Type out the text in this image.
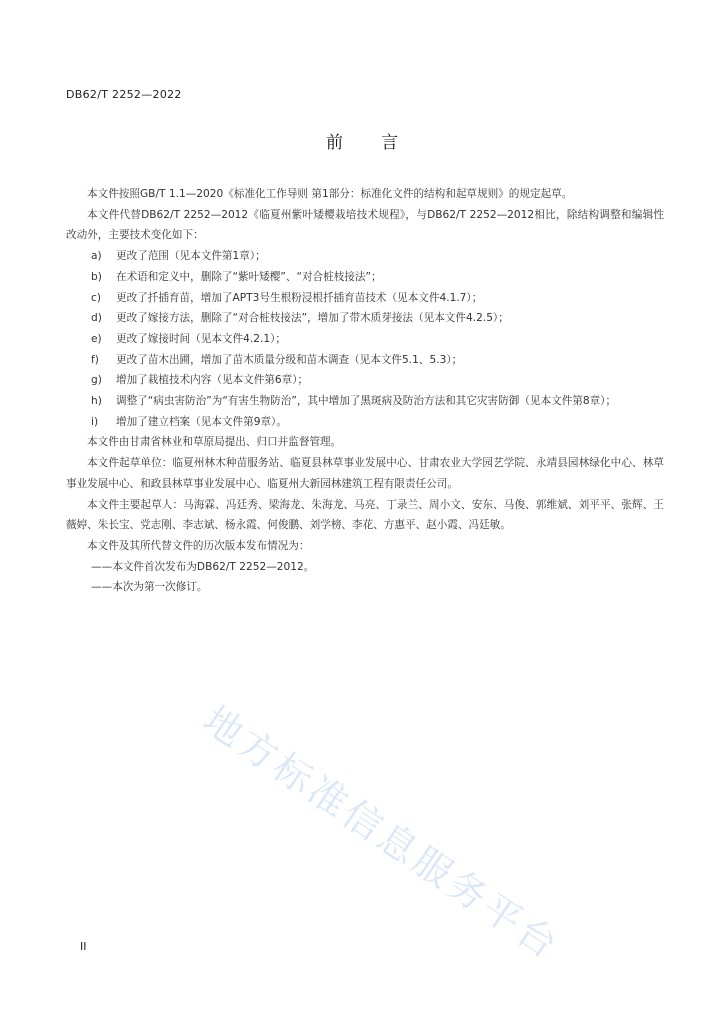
DB62/T 2252—2022
前言

本文件按照GB/T 1.1—2020《标准化工作导则 第1部分：标准化文件的结构和起草规则》的规定起草。

本文件代替DB62/T 2252—2012《临夏州紫叶矮樱栽培技术规程》，与DB62/T 2252—2012相比，除结构调整和编辑性改动外，主要技术变化如下：

a)	更改了范围（见本文件第1章）；
b)	在术语和定义中，删除了“紫叶矮樱”、“对合桩枝接法”；
c)	更改了扦插育苗，增加了APT3号生根粉浸根扦插育苗技术（见本文件4.1.7）；
d)	更改了嫁接方法，删除了“对合桩枝接法”，增加了带木质芽接法（见本文件4.2.5）；
e)	更改了嫁接时间（见本文件4.2.1）；
f)	更改了苗木出圃，增加了苗木质量分级和苗木调查（见本文件5.1、5.3）；
g)	增加了栽植技术内容（见本文件第6章）；
h)	调整了“病虫害防治”为“有害生物防治”，其中增加了黑斑病及防治方法和其它灾害防御（见本文件第8章）；
i)	增加了建立档案（见本文件第9章）。

本文件由甘肃省林业和草原局提出、归口并监督管理。

本文件起草单位：临夏州林木种苗服务站、临夏县林草事业发展中心、甘肃农业大学园艺学院、永靖县园林绿化中心、林草事业发展中心、和政县林草事业发展中心、临夏州大新园林建筑工程有限责任公司。

本文件主要起草人：马海霖、冯廷秀、梁海龙、朱海龙、马亮、丁录兰、周小文、安东、马俊、郭维斌、刘平平、张辉、王薇婷、朱长宝、党志刚、李志斌、杨永霞、何俊鹏、刘学榜、李花、方惠平、赵小霞、冯廷敏。

本文件及其所代替文件的历次版本发布情况为：

——本文件首次发布为DB62/T 2252—2012。

——本次为第一次修订。

地方标准信息服务平台
II
